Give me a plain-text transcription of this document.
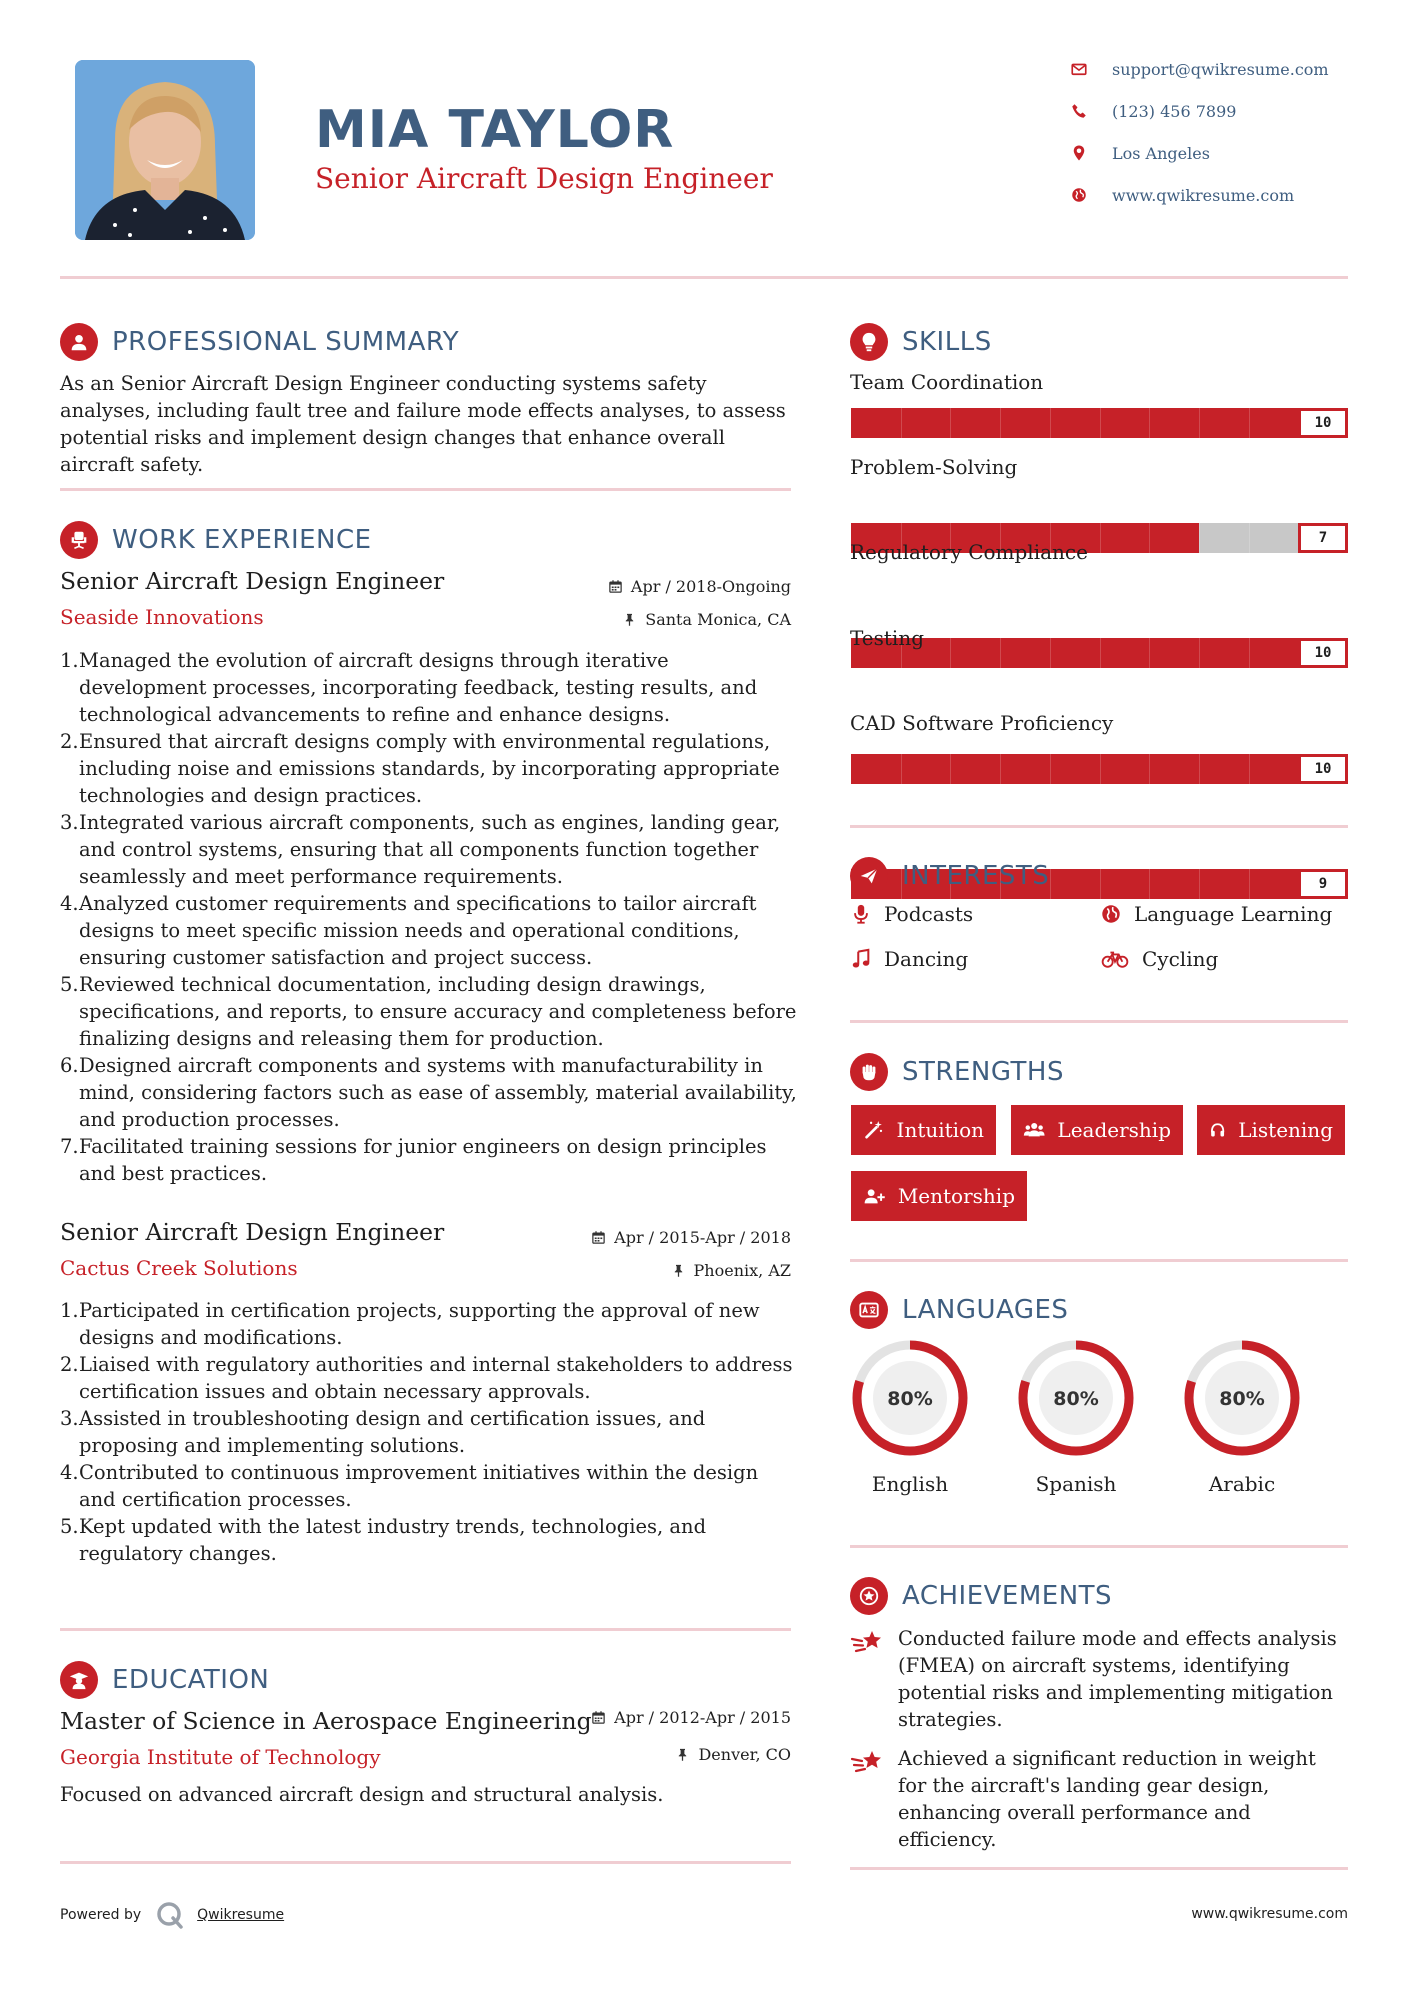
MIA TAYLOR
Senior Aircraft Design Engineer
support@qwikresume.com
(123) 456 7899
Los Angeles
www.qwikresume.com
PROFESSIONAL SUMMARY
As an Senior Aircraft Design Engineer conducting systems safety analyses, including fault tree and failure mode effects analyses, to assess potential risks and implement design changes that enhance overall aircraft safety.
WORK EXPERIENCE
Senior Aircraft Design Engineer	Apr / 2018-Ongoing
Seaside Innovations	Santa Monica, CA
1. Managed the evolution of aircraft designs through iterative development processes, incorporating feedback, testing results, and technological advancements to refine and enhance designs.
2. Ensured that aircraft designs comply with environmental regulations, including noise and emissions standards, by incorporating appropriate technologies and design practices.
3. Integrated various aircraft components, such as engines, landing gear, and control systems, ensuring that all components function together seamlessly and meet performance requirements.
4. Analyzed customer requirements and specifications to tailor aircraft designs to meet specific mission needs and operational conditions, ensuring customer satisfaction and project success.
5. Reviewed technical documentation, including design drawings, specifications, and reports, to ensure accuracy and completeness before finalizing designs and releasing them for production.
6. Designed aircraft components and systems with manufacturability in mind, considering factors such as ease of assembly, material availability, and production processes.
7. Facilitated training sessions for junior engineers on design principles and best practices.
Senior Aircraft Design Engineer	Apr / 2015-Apr / 2018
Cactus Creek Solutions	Phoenix, AZ
1. Participated in certification projects, supporting the approval of new designs and modifications.
2. Liaised with regulatory authorities and internal stakeholders to address certification issues and obtain necessary approvals.
3. Assisted in troubleshooting design and certification issues, and proposing and implementing solutions.
4. Contributed to continuous improvement initiatives within the design and certification processes.
5. Kept updated with the latest industry trends, technologies, and regulatory changes.
EDUCATION
Master of Science in Aerospace Engineering Apr / 2012-Apr / 2015
Georgia Institute of Technology	Denver, CO
Focused on advanced aircraft design and structural analysis.
SKILLS
Team Coordination
10
Problem-Solving
7
Regulatory Compliance
10
Testing
10
CAD Software Proficiency
9
INTERESTS
Podcasts	Language Learning
Dancing	Cycling
STRENGTHS
Intuition	Leadership	Listening
Mentorship
LANGUAGES
80%
English
80%
Spanish
80%
Arabic
ACHIEVEMENTS
Conducted failure mode and effects analysis (FMEA) on aircraft systems, identifying potential risks and implementing mitigation strategies.
Achieved a significant reduction in weight for the aircraft's landing gear design, enhancing overall performance and efficiency.
Powered by	Qwikresume	www.qwikresume.com
